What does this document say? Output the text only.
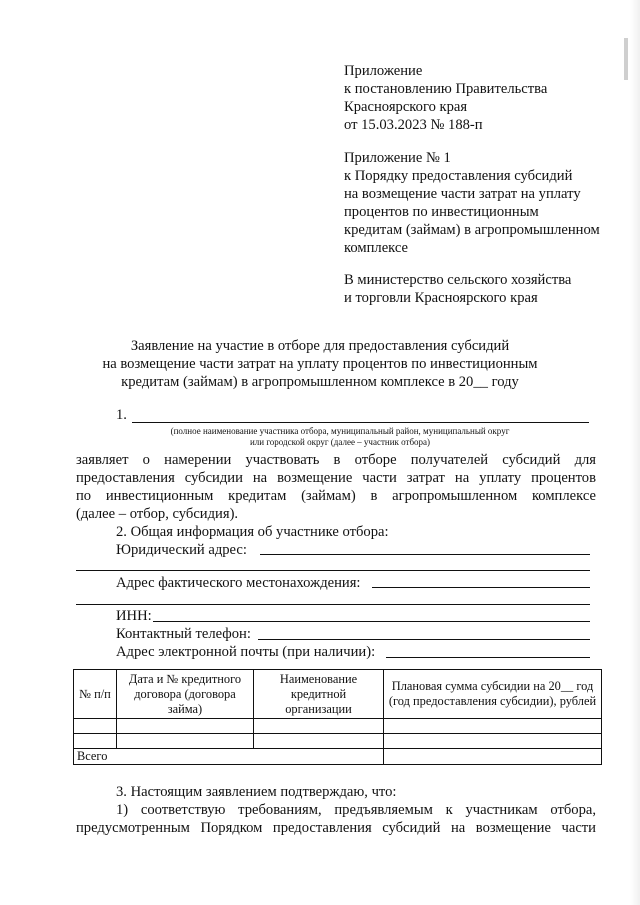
Приложение
к постановлению Правительства
Красноярского края
от 15.03.2023 № 188-п
Приложение № 1
к Порядку предоставления субсидий
на возмещение части затрат на уплату
процентов по инвестиционным
кредитам (займам) в агропромышленном
комплексе
В министерство сельского хозяйства
и торговли Красноярского края
Заявление на участие в отборе для предоставления субсидий
на возмещение части затрат на уплату процентов по инвестиционным
кредитам (займам) в агропромышленном комплексе в 20__ году
1.
(полное наименование участника отбора, муниципальный район, муниципальный округ
или городской округ (далее – участник отбора)
заявляет о намерении участвовать в отборе получателей субсидий для
предоставления субсидии на возмещение части затрат на уплату процентов
по инвестиционным кредитам (займам) в агропромышленном комплексе
(далее – отбор, субсидия).
2. Общая информация об участнике отбора:
Юридический адрес:
Адрес фактического местонахождения:
ИНН:
Контактный телефон:
Адрес электронной почты (при наличии):
№ п/п	Дата и № кредитного договора (договора займа)	Наименование кредитной организации	Плановая сумма субсидии на 20__ год (год предоставления субсидии), рублей

Всего			
3. Настоящим заявлением подтверждаю, что:
1) соответствую требованиям, предъявляемым к участникам отбора,
предусмотренным Порядком предоставления субсидий на возмещение части
